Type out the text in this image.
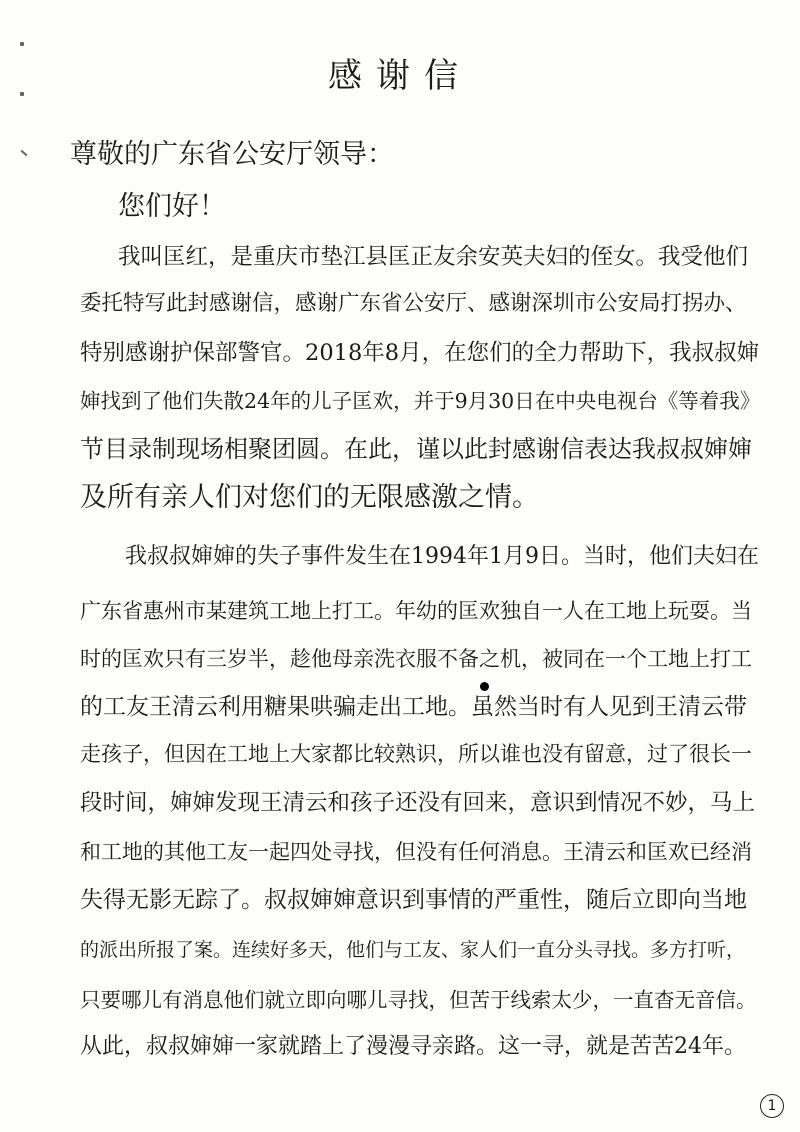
感谢信

尊敬的广东省公安厅领导：

您们好！

我叫匡红，是重庆市垫江县匡正友余安英夫妇的侄女。我受他们

委托特写此封感谢信，感谢广东省公安厅、感谢深圳市公安局打拐办、

特别感谢护保部警官。2018年8月，在您们的全力帮助下，我叔叔婶

婶找到了他们失散24年的儿子匡欢，并于9月30日在中央电视台《等着我》

节目录制现场相聚团圆。在此，谨以此封感谢信表达我叔叔婶婶

及所有亲人们对您们的无限感激之情。

我叔叔婶婶的失子事件发生在1994年1月9日。当时，他们夫妇在

广东省惠州市某建筑工地上打工。年幼的匡欢独自一人在工地上玩耍。当

时的匡欢只有三岁半，趁他母亲洗衣服不备之机，被同在一个工地上打工

的工友王清云利用糖果哄骗走出工地。虽然当时有人见到王清云带

走孩子，但因在工地上大家都比较熟识，所以谁也没有留意，过了很长一

段时间，婶婶发现王清云和孩子还没有回来，意识到情况不妙，马上

和工地的其他工友一起四处寻找，但没有任何消息。王清云和匡欢已经消

失得无影无踪了。叔叔婶婶意识到事情的严重性，随后立即向当地

的派出所报了案。连续好多天，他们与工友、家人们一直分头寻找。多方打听，

只要哪儿有消息他们就立即向哪儿寻找，但苦于线索太少，一直杳无音信。

从此，叔叔婶婶一家就踏上了漫漫寻亲路。这一寻，就是苦苦24年。

1
